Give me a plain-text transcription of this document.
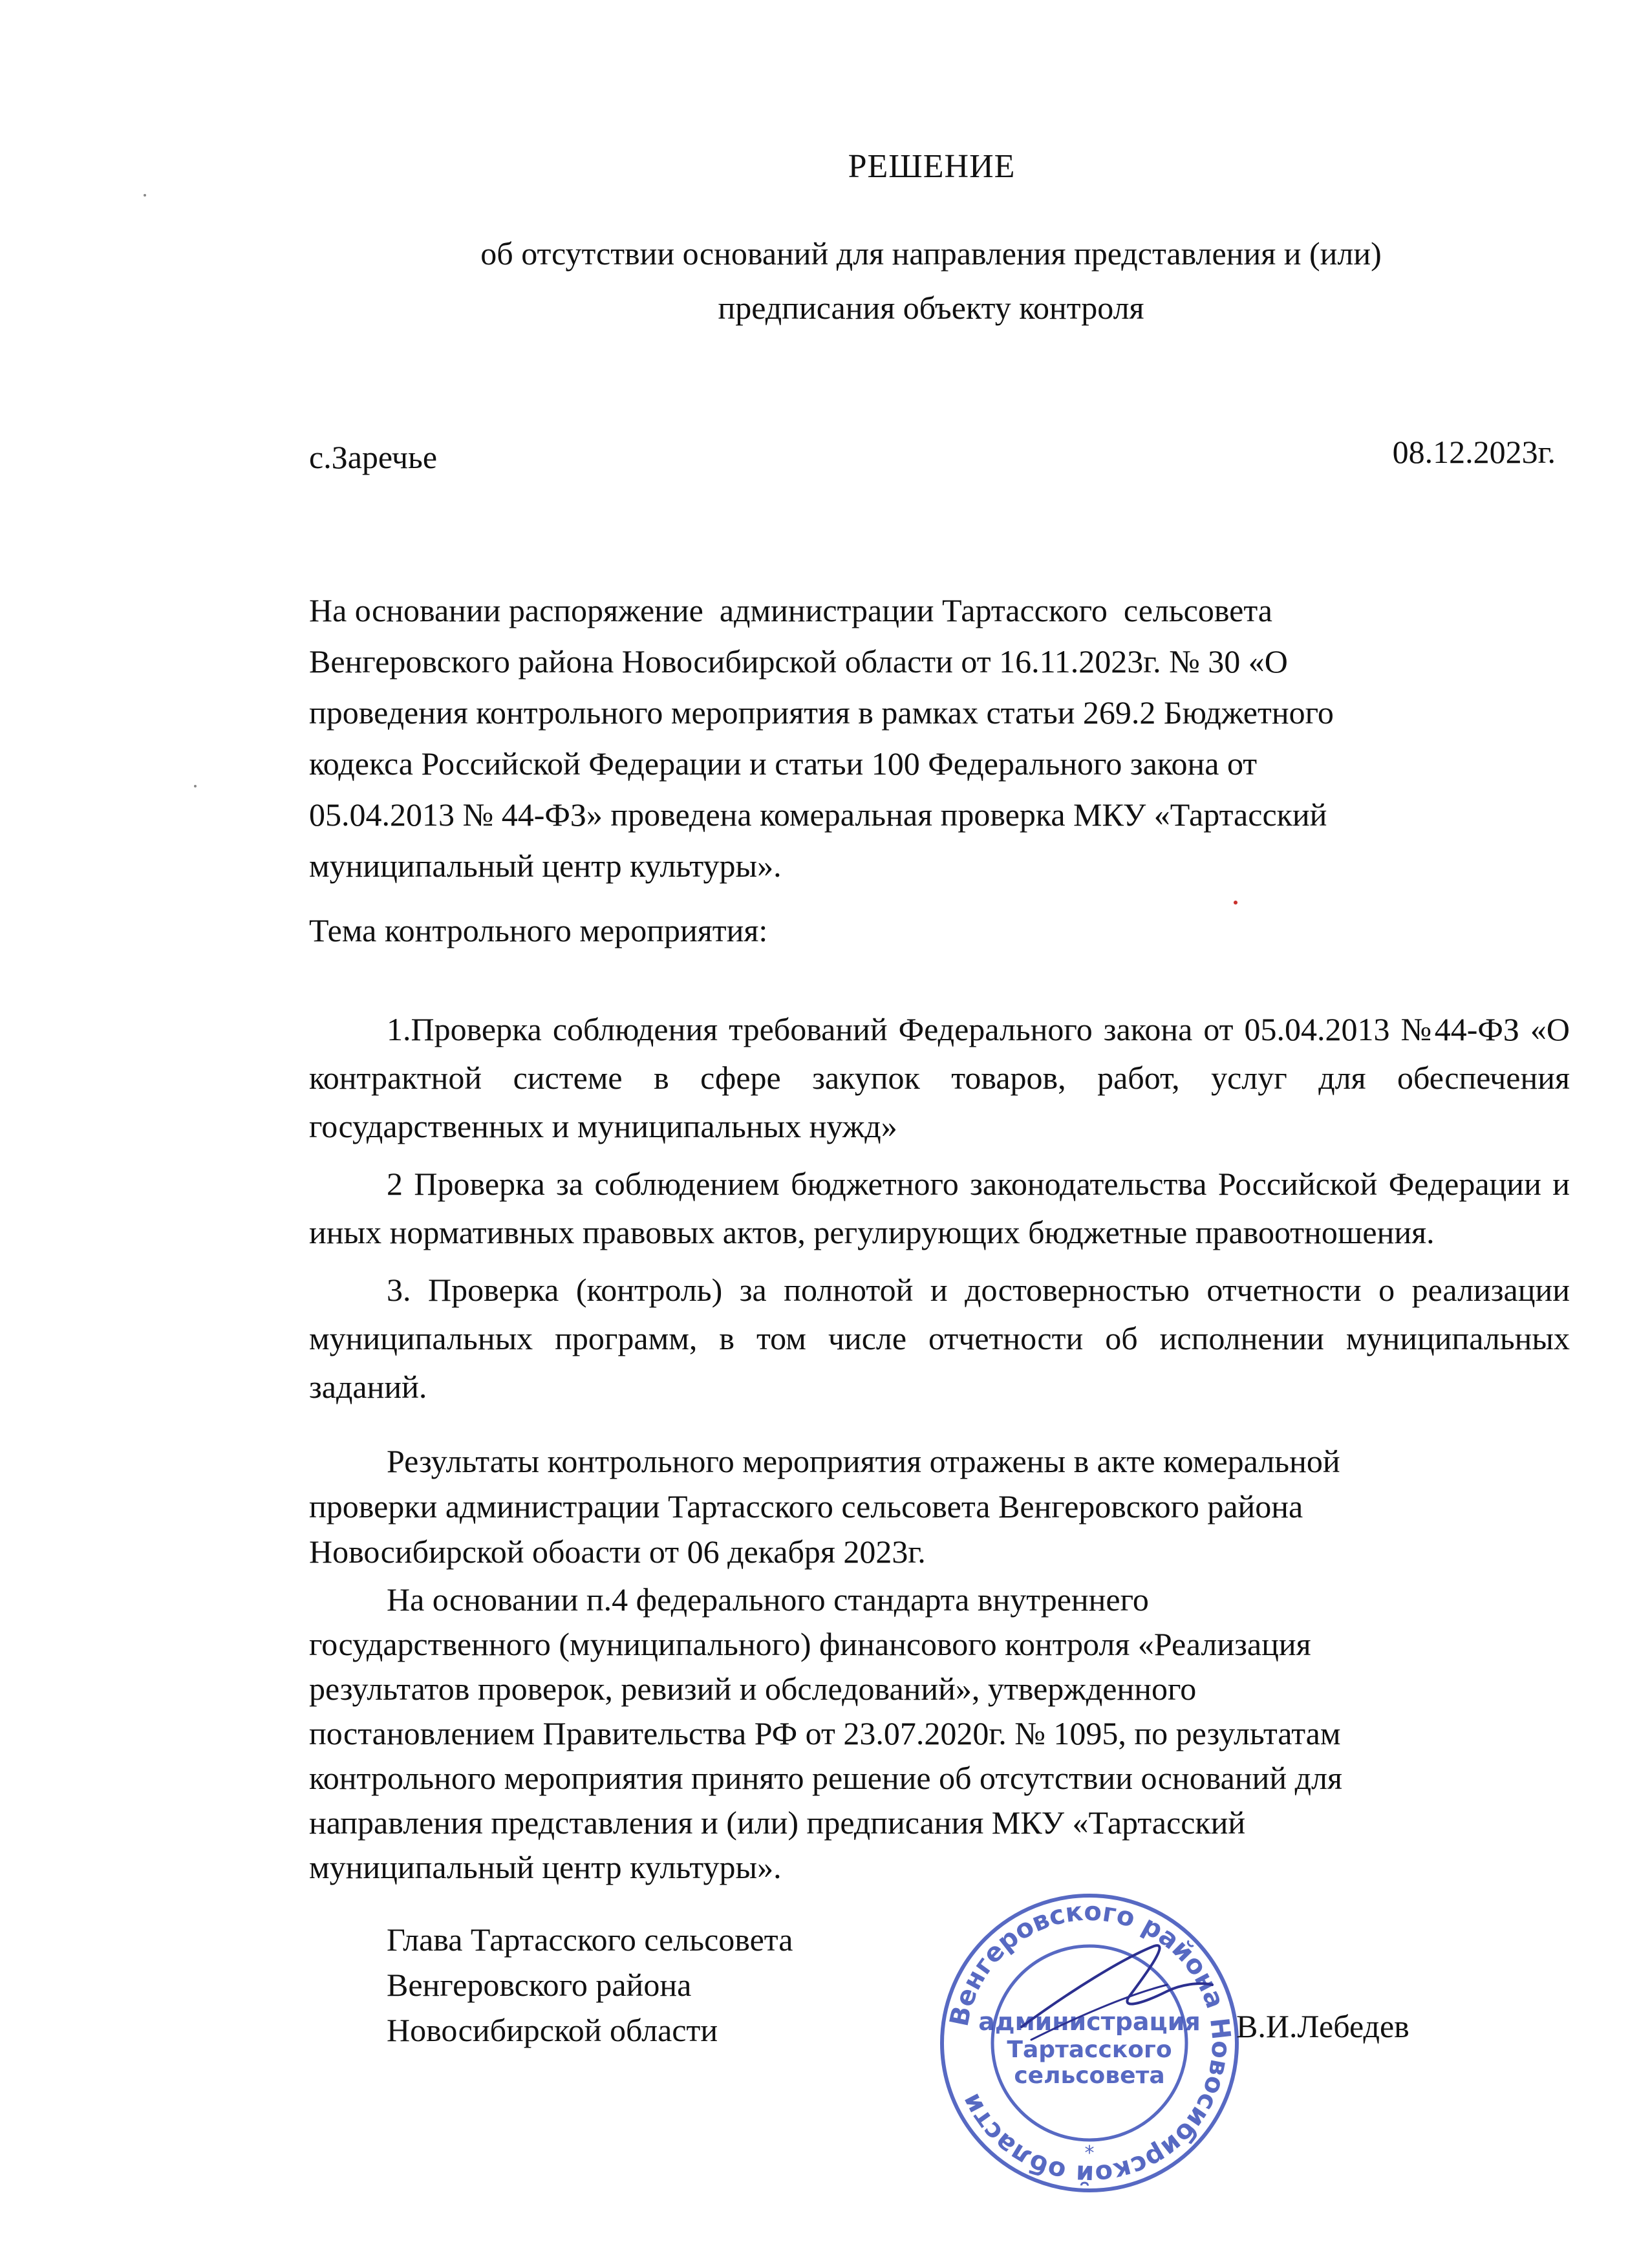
РЕШЕНИЕ
об отсутствии оснований для направления представления и (или)
предписания объекту контроля
с.Заречье	08.12.2023г.
На основании распоряжение  администрации Тартасского  сельсовета
Венгеровского района Новосибирской области от 16.11.2023г. № 30 «О
проведения контрольного мероприятия в рамках статьи 269.2 Бюджетного
кодекса Российской Федерации и статьи 100 Федерального закона от
05.04.2013 № 44-ФЗ» проведена комеральная проверка МКУ «Тартасский
муниципальный центр культуры».
Тема контрольного мероприятия:

1.Проверка соблюдения требований Федерального закона от 05.04.2013 №44-ФЗ «О контрактной системе в сфере закупок товаров, работ, услуг для обеспечения государственных и муниципальных нужд»

2 Проверка за соблюдением бюджетного законодательства Российской Федерации и иных нормативных правовых актов, регулирующих бюджетные правоотношения.

3. Проверка (контроль) за полнотой и достоверностью отчетности о реализации муниципальных программ, в том числе отчетности об исполнении муниципальных заданий.

Результаты контрольного мероприятия отражены в акте комеральной
проверки администрации Тартасского сельсовета Венгеровского района
Новосибирской обоасти от 06 декабря 2023г.
На основании п.4 федерального стандарта внутреннего
государственного (муниципального) финансового контроля «Реализация
результатов проверок, ревизий и обследований», утвержденного
постановлением Правительства РФ от 23.07.2020г. № 1095, по результатам
контрольного мероприятия принято решение об отсутствии оснований для
направления представления и (или) предписания МКУ «Тартасский
муниципальный центр культуры».
Глава Тартасского сельсовета
Венгеровского района
Новосибирской области	Венгеровского района Новосибирской области
администрация
Тартасского
сельсовета
*
В.И.Лебедев
